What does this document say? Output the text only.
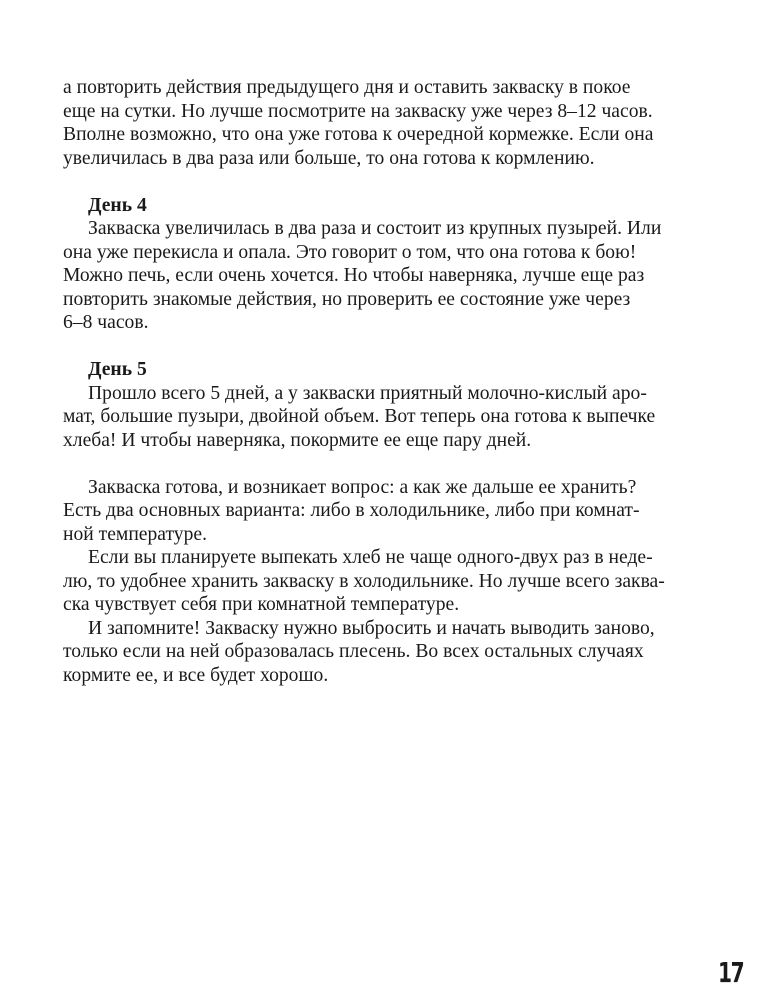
а повторить действия предыдущего дня и оставить закваску в покое
еще на сутки. Но лучше посмотрите на закваску уже через 8–12 часов.
Вполне возможно, что она уже готова к очередной кормежке. Если она
увеличилась в два раза или больше, то она готова к кормлению.
День 4
Закваска увеличилась в два раза и состоит из крупных пузырей. Или
она уже перекисла и опала. Это говорит о том, что она готова к бою!
Можно печь, если очень хочется. Но чтобы наверняка, лучше еще раз
повторить знакомые действия, но проверить ее состояние уже через
6–8 часов.
День 5
Прошло всего 5 дней, а у закваски приятный молочно-кислый аро-
мат, большие пузыри, двойной объем. Вот теперь она готова к выпечке
хлеба! И чтобы наверняка, покормите ее еще пару дней.
Закваска готова, и возникает вопрос: а как же дальше ее хранить?
Есть два основных варианта: либо в холодильнике, либо при комнат-
ной температуре.
Если вы планируете выпекать хлеб не чаще одного-двух раз в неде-
лю, то удобнее хранить закваску в холодильнике. Но лучше всего заква-
ска чувствует себя при комнатной температуре.
И запомните! Закваску нужно выбросить и начать выводить заново,
только если на ней образовалась плесень. Во всех остальных случаях
кормите ее, и все будет хорошо.
17
